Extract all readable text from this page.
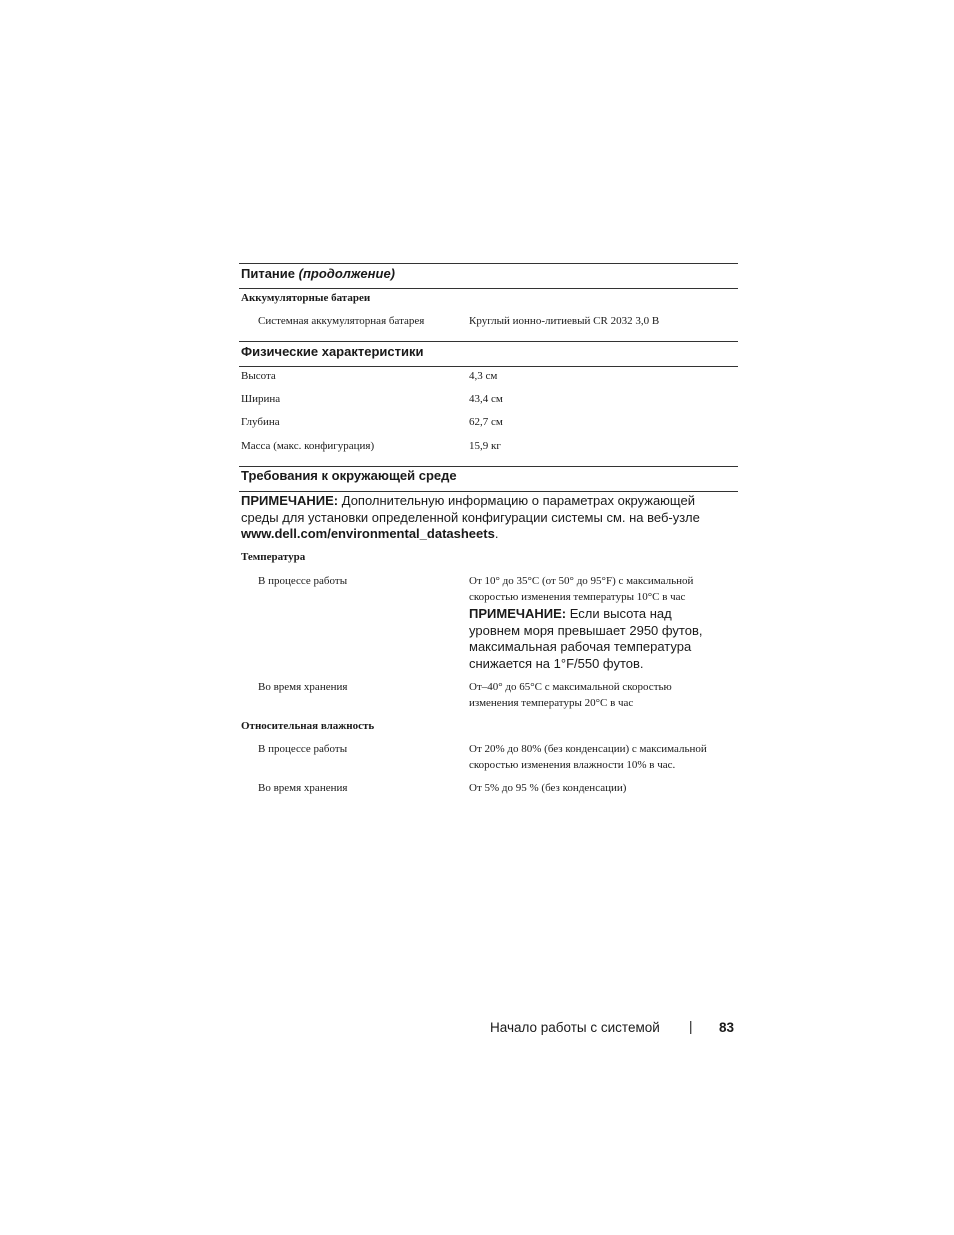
Питание (продолжение)
Аккумуляторные батареи
Системная аккумуляторная батарея	Круглый ионно-литиевый CR 2032 3,0 В
Физические характеристики
Высота	4,3 см
Ширина	43,4 см
Глубина	62,7 см
Масса (макс. конфигурация)	15,9 кг
Требования к окружающей среде
ПРИМЕЧАНИЕ: Дополнительную информацию о параметрах окружающей
среды для установки определенной конфигурации системы см. на веб-узле
www.dell.com/environmental_datasheets.
Температура
В процессе работы	От 10° до 35°C (от 50° до 95°F) с максимальной
скоростью изменения температуры 10°C в час
ПРИМЕЧАНИЕ: Если высота над
уровнем моря превышает 2950 футов,
максимальная рабочая температура
снижается на 1°F/550 футов.
Во время хранения	От–40° до 65°C с максимальной скоростью
изменения температуры 20°C в час
Относительная влажность
В процессе работы	От 20% до 80% (без конденсации) с максимальной
скоростью изменения влажности 10% в час.
Во время хранения	От 5% до 95 % (без конденсации)
Начало работы с системой | 83
